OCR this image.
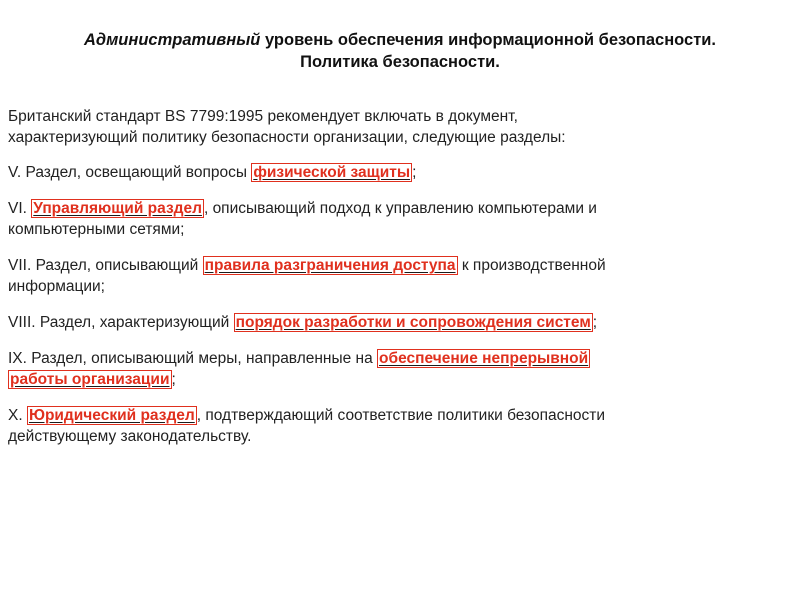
Административный уровень обеспечения информационной безопасности.
Политика безопасности.

Британский стандарт BS 7799:1995 рекомендует включать в документ,
характеризующий политику безопасности организации, следующие разделы:

V. Раздел, освещающий вопросы физической защиты ;

VI. Управляющий раздел , описывающий подход к управлению компьютерами и
компьютерными сетями;

VII. Раздел, описывающий правила разграничения доступа к производственной
информации;

VIII. Раздел, характеризующий порядок разработки и сопровождения систем ;

IX. Раздел, описывающий меры, направленные на обеспечение непрерывной
работы организации ;

X. Юридический раздел , подтверждающий соответствие политики безопасности
действующему законодательству.
